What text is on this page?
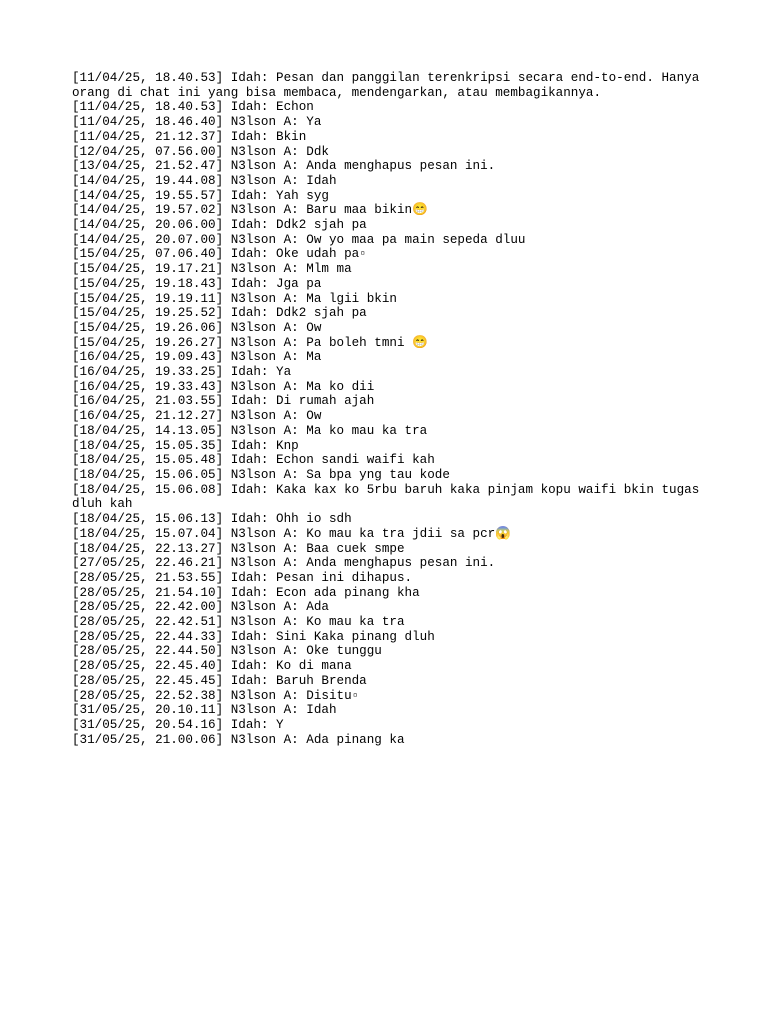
[11/04/25, 18.40.53] Idah: Pesan dan panggilan terenkripsi secara end-to-end. Hanya orang di chat ini yang bisa membaca, mendengarkan, atau membagikannya.
[11/04/25, 18.40.53] Idah: Echon
[11/04/25, 18.46.40] N3lson A: Ya
[11/04/25, 21.12.37] Idah: Bkin
[12/04/25, 07.56.00] N3lson A: Ddk
[13/04/25, 21.52.47] N3lson A: Anda menghapus pesan ini.
[14/04/25, 19.44.08] N3lson A: Idah
[14/04/25, 19.55.57] Idah: Yah syg
[14/04/25, 19.57.02] N3lson A: Baru maa bikin😁
[14/04/25, 20.06.00] Idah: Ddk2 sjah pa
[14/04/25, 20.07.00] N3lson A: Ow yo maa pa main sepeda dluu
[15/04/25, 07.06.40] Idah: Oke udah pa▫
[15/04/25, 19.17.21] N3lson A: Mlm ma
[15/04/25, 19.18.43] Idah: Jga pa
[15/04/25, 19.19.11] N3lson A: Ma lgii bkin
[15/04/25, 19.25.52] Idah: Ddk2 sjah pa
[15/04/25, 19.26.06] N3lson A: Ow
[15/04/25, 19.26.27] N3lson A: Pa boleh tmni 😁
[16/04/25, 19.09.43] N3lson A: Ma
[16/04/25, 19.33.25] Idah: Ya
[16/04/25, 19.33.43] N3lson A: Ma ko dii
[16/04/25, 21.03.55] Idah: Di rumah ajah
[16/04/25, 21.12.27] N3lson A: Ow
[18/04/25, 14.13.05] N3lson A: Ma ko mau ka tra
[18/04/25, 15.05.35] Idah: Knp
[18/04/25, 15.05.48] Idah: Echon sandi waifi kah
[18/04/25, 15.06.05] N3lson A: Sa bpa yng tau kode
[18/04/25, 15.06.08] Idah: Kaka kax ko 5rbu baruh kaka pinjam kopu waifi bkin tugas dluh kah
[18/04/25, 15.06.13] Idah: Ohh io sdh
[18/04/25, 15.07.04] N3lson A: Ko mau ka tra jdii sa pcr😱
[18/04/25, 22.13.27] N3lson A: Baa cuek smpe
[27/05/25, 22.46.21] N3lson A: Anda menghapus pesan ini.
[28/05/25, 21.53.55] Idah: Pesan ini dihapus.
[28/05/25, 21.54.10] Idah: Econ ada pinang kha
[28/05/25, 22.42.00] N3lson A: Ada
[28/05/25, 22.42.51] N3lson A: Ko mau ka tra
[28/05/25, 22.44.33] Idah: Sini Kaka pinang dluh
[28/05/25, 22.44.50] N3lson A: Oke tunggu
[28/05/25, 22.45.40] Idah: Ko di mana
[28/05/25, 22.45.45] Idah: Baruh Brenda
[28/05/25, 22.52.38] N3lson A: Disitu▫
[31/05/25, 20.10.11] N3lson A: Idah
[31/05/25, 20.54.16] Idah: Y
[31/05/25, 21.00.06] N3lson A: Ada pinang ka
